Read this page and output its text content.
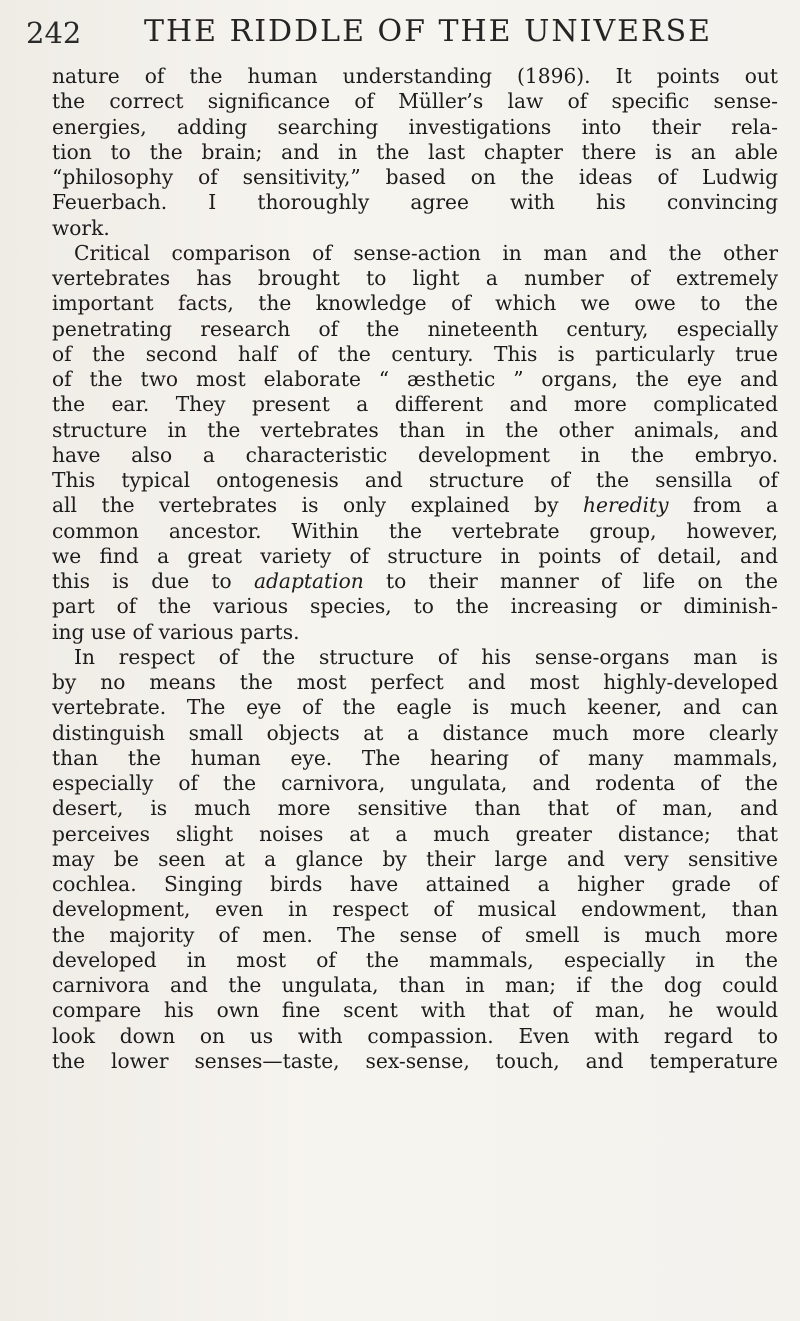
242 THE RIDDLE OF THE UNIVERSE
nature of the human understanding (1896). It points out
the correct significance of Müller’s law of specific sense-
energies, adding searching investigations into their rela-
tion to the brain; and in the last chapter there is an able
“philosophy of sensitivity,” based on the ideas of Ludwig
Feuerbach. I thoroughly agree with his convincing
work.
Critical comparison of sense-action in man and the other
vertebrates has brought to light a number of extremely
important facts, the knowledge of which we owe to the
penetrating research of the nineteenth century, especially
of the second half of the century. This is particularly true
of the two most elaborate “ æsthetic ” organs, the eye and
the ear. They present a different and more complicated
structure in the vertebrates than in the other animals, and
have also a characteristic development in the embryo.
This typical ontogenesis and structure of the sensilla of
all the vertebrates is only explained by heredity from a
common ancestor. Within the vertebrate group, however,
we find a great variety of structure in points of detail, and
this is due to adaptation to their manner of life on the
part of the various species, to the increasing or diminish-
ing use of various parts.
In respect of the structure of his sense-organs man is
by no means the most perfect and most highly-developed
vertebrate. The eye of the eagle is much keener, and can
distinguish small objects at a distance much more clearly
than the human eye. The hearing of many mammals,
especially of the carnivora, ungulata, and rodenta of the
desert, is much more sensitive than that of man, and
perceives slight noises at a much greater distance; that
may be seen at a glance by their large and very sensitive
cochlea. Singing birds have attained a higher grade of
development, even in respect of musical endowment, than
the majority of men. The sense of smell is much more
developed in most of the mammals, especially in the
carnivora and the ungulata, than in man; if the dog could
compare his own fine scent with that of man, he would
look down on us with compassion. Even with regard to
the lower senses—taste, sex-sense, touch, and temperature
